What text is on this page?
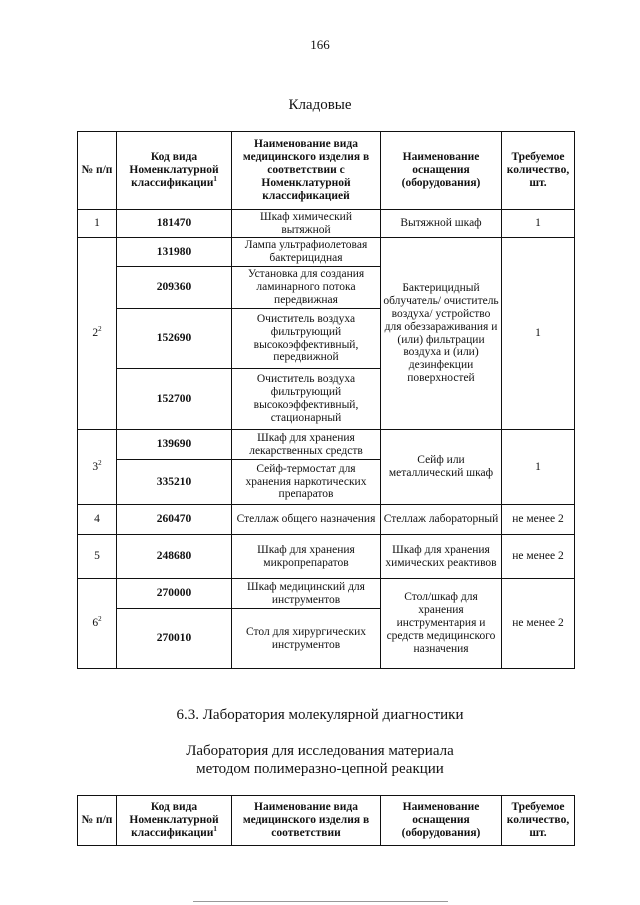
166
Кладовые
№ п/п	Код вида Номенклатурной классификации$^1$	Наименование вида медицинского изделия в соответствии с Номенклатурной классификацией	Наименование оснащения (оборудования)	Требуемое количество, шт.
1	181470	Шкаф химический вытяжной	Вытяжной шкаф	1
$2^2$	131980	Лампа ультрафиолетовая бактерицидная	Бактерицидный облучатель/ очиститель воздуха/ устройство для обеззараживания и (или) фильтрации воздуха и (или) дезинфекции поверхностей	1
	209360	Установка для создания ламинарного потока передвижная		
	152690	Очиститель воздуха фильтрующий высокоэффективный, передвижной		
	152700	Очиститель воздуха фильтрующий высокоэффективный, стационарный		
$3^2$	139690	Шкаф для хранения лекарственных средств	Сейф или металлический шкаф	1
	335210	Сейф-термостат для хранения наркотических препаратов		
4	260470	Стеллаж общего назначения	Стеллаж лабораторный	не менее 2
5	248680	Шкаф для хранения микропрепаратов	Шкаф для хранения химических реактивов	не менее 2
$6^2$	270000	Шкаф медицинский для инструментов	Стол/шкаф для хранения инструментария и средств медицинского назначения	не менее 2
	270010	Стол для хирургических инструментов		
6.3. Лаборатория молекулярной диагностики
Лаборатория для исследования материала методом полимеразно-цепной реакции
№ п/п	Код вида Номенклатурной классификации$^1$	Наименование вида медицинского изделия в соответствии	Наименование оснащения (оборудования)	Требуемое количество, шт.
